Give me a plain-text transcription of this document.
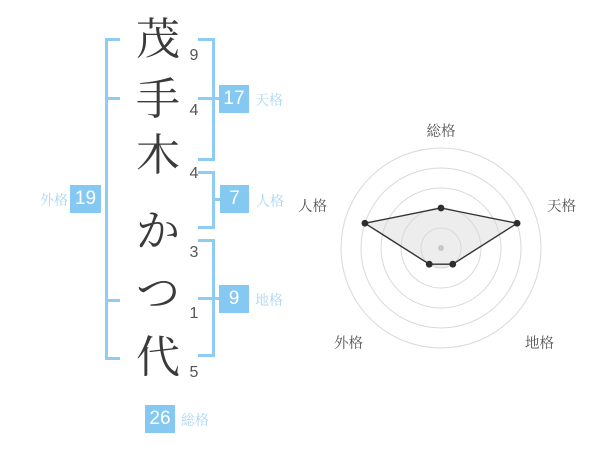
茂
手
木
か
つ
代
9
4
4
3
1
5
外格 19
17 天格
7	人格
9	地格
26 総格
総格
天格
地格
外格
人格
